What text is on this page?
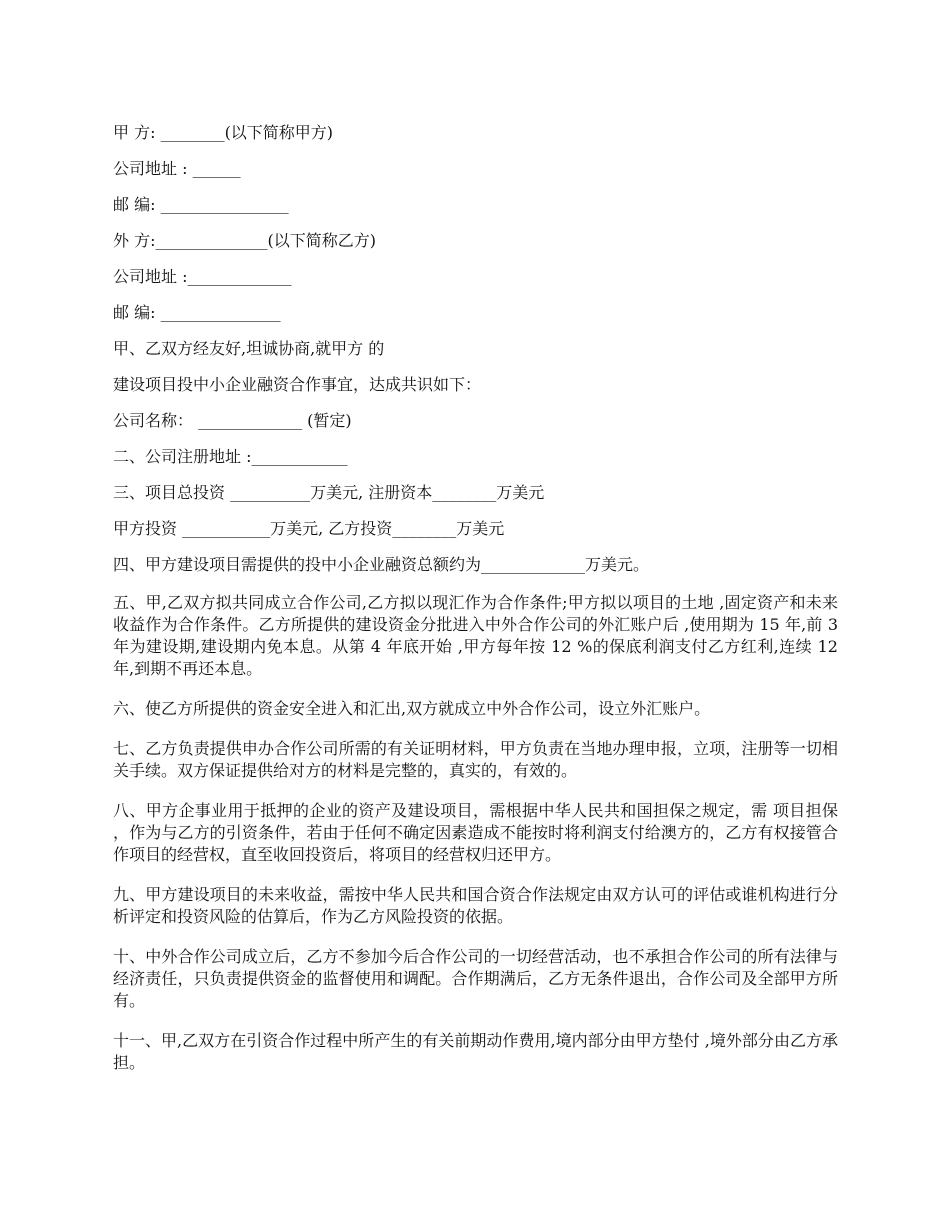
甲 方: ________(以下简称甲方)

公司地址 : ______

邮 编: ________________

外 方:______________(以下简称乙方)

公司地址 :_____________

邮 编: _______________

甲、乙双方经友好,坦诚协商,就甲方 的

建设项目投中小企业融资合作事宜，达成共识如下：

公司名称： _____________ (暂定)

二、公司注册地址 :____________

三、项目总投资 __________万美元, 注册资本________万美元

甲方投资 ___________万美元, 乙方投资________万美元

四、甲方建设项目需提供的投中小企业融资总额约为_____________万美元。

五、甲,乙双方拟共同成立合作公司,乙方拟以现汇作为合作条件;甲方拟以项目的土地 ,固定资产和未来收益作为合作条件。乙方所提供的建设资金分批进入中外合作公司的外汇账户后 ,使用期为 15 年,前 3 年为建设期,建设期内免本息。从第 4 年底开始 ,甲方每年按 12 %的保底利润支付乙方红利,连续 12 年,到期不再还本息。

六、使乙方所提供的资金安全进入和汇出,双方就成立中外合作公司，设立外汇账户。

七、乙方负责提供申办合作公司所需的有关证明材料，甲方负责在当地办理申报，立项，注册等一切相关手续。双方保证提供给对方的材料是完整的，真实的，有效的。

八、甲方企事业用于抵押的企业的资产及建设项目，需根据中华人民共和国担保之规定，需 项目担保 ，作为与乙方的引资条件，若由于任何不确定因素造成不能按时将利润支付给澳方的，乙方有权接管合作项目的经营权，直至收回投资后，将项目的经营权归还甲方。

九、甲方建设项目的未来收益，需按中华人民共和国合资合作法规定由双方认可的评估或谁机构进行分析评定和投资风险的估算后，作为乙方风险投资的依据。

十、中外合作公司成立后，乙方不参加今后合作公司的一切经营活动，也不承担合作公司的所有法律与经济责任，只负责提供资金的监督使用和调配。合作期满后，乙方无条件退出，合作公司及全部甲方所有。

十一、甲,乙双方在引资合作过程中所产生的有关前期动作费用,境内部分由甲方垫付 ,境外部分由乙方承担。
